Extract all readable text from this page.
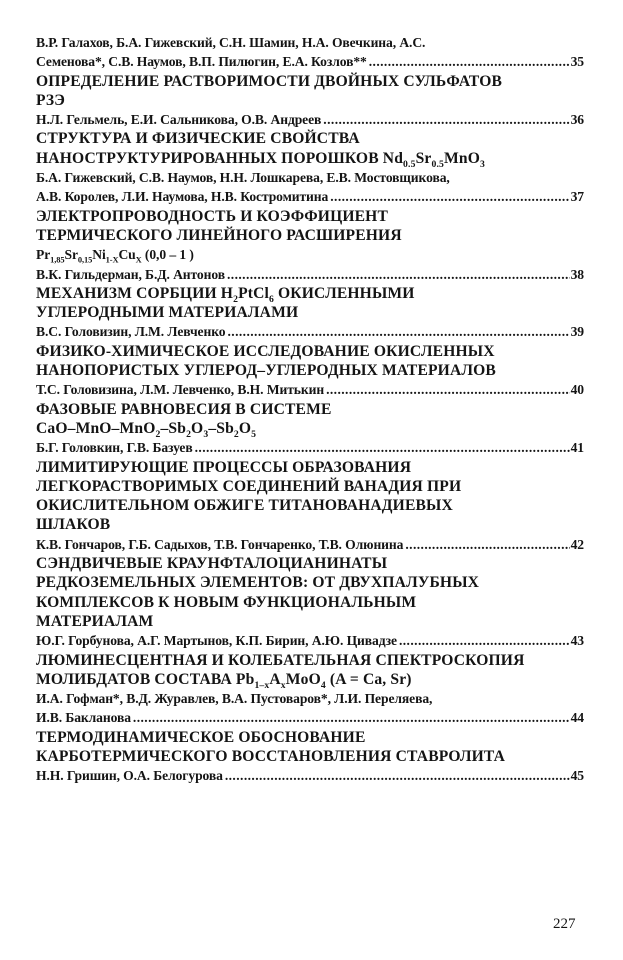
В.Р. Галахов, Б.А. Гижевский, С.Н. Шамин, Н.А. Овечкина, А.С.
Семенова*, С.В. Наумов, В.П. Пилюгин, Е.А. Козлов** .....	35
ОПРЕДЕЛЕНИЕ РАСТВОРИМОСТИ ДВОЙНЫХ СУЛЬФАТОВ
РЗЭ
Н.Л. Гельмель, Е.И. Сальникова, О.В. Андреев .....	36
СТРУКТУРА И ФИЗИЧЕСКИЕ СВОЙСТВА
НАНОСТРУКТУРИРОВАННЫХ ПОРОШКОВ $Nd_{0.5}Sr_{0.5}MnO_3$
Б.А. Гижевский, С.В. Наумов, Н.Н. Лошкарева, Е.В. Мостовщикова,
А.В. Королев, Л.И. Наумова, Н.В. Костромитина .....	37
ЭЛЕКТРОПРОВОДНОСТЬ И КОЭФФИЦИЕНТ
ТЕРМИЧЕСКОГО ЛИНЕЙНОГО РАСШИРЕНИЯ
$Pr_{1,85}Sr_{0,15}Ni_{1-X}Cu_X$ (0,0 – 1 )
В.К. Гильдерман, Б.Д. Антонов .....	38
МЕХАНИЗМ СОРБЦИИ $H_2PtCl_6$ ОКИСЛЕННЫМИ
УГЛЕРОДНЫМИ МАТЕРИАЛАМИ
В.С. Головизин, Л.М. Левченко .....	39
ФИЗИКО-ХИМИЧЕСКОЕ ИССЛЕДОВАНИЕ ОКИСЛЕННЫХ
НАНОПОРИСТЫХ УГЛЕРОД–УГЛЕРОДНЫХ МАТЕРИАЛОВ
Т.С. Головизина, Л.М. Левченко, В.Н. Митькин .....	40
ФАЗОВЫЕ РАВНОВЕСИЯ В СИСТЕМЕ
CaO–$MnO-MnO_2-Sb_2O_3-Sb_2O_5$
Б.Г. Головкин, Г.В. Базуев .....	41
ЛИМИТИРУЮЩИЕ ПРОЦЕССЫ ОБРАЗОВАНИЯ
ЛЕГКОРАСТВОРИМЫХ СОЕДИНЕНИЙ ВАНАДИЯ ПРИ
ОКИСЛИТЕЛЬНОМ ОБЖИГЕ ТИТАНОВАНАДИЕВЫХ
ШЛАКОВ
К.В. Гончаров, Г.Б. Садыхов, Т.В. Гончаренко, Т.В. Олюнина .....	42
СЭНДВИЧЕВЫЕ КРАУНФТАЛОЦИАНИНАТЫ
РЕДКОЗЕМЕЛЬНЫХ ЭЛЕМЕНТОВ: ОТ ДВУХПАЛУБНЫХ
КОМПЛЕКСОВ К НОВЫМ ФУНКЦИОНАЛЬНЫМ
МАТЕРИАЛАМ
Ю.Г. Горбунова, А.Г. Мартынов, К.П. Бирин, А.Ю. Цивадзе .....	43
ЛЮМИНЕСЦЕНТНАЯ И КОЛЕБАТЕЛЬНАЯ СПЕКТРОСКОПИЯ
МОЛИБДАТОВ СОСТАВА $Pb_{1-x}A_xMoO_4$ (A = Ca, Sr)
И.А. Гофман*, В.Д. Журавлев, В.А. Пустоваров*, Л.И. Переляева,
И.В. Бакланова .....	44
ТЕРМОДИНАМИЧЕСКОЕ ОБОСНОВАНИЕ
КАРБОТЕРМИЧЕСКОГО ВОССТАНОВЛЕНИЯ СТАВРОЛИТА
Н.Н. Гришин, О.А. Белогурова .....	45
227
